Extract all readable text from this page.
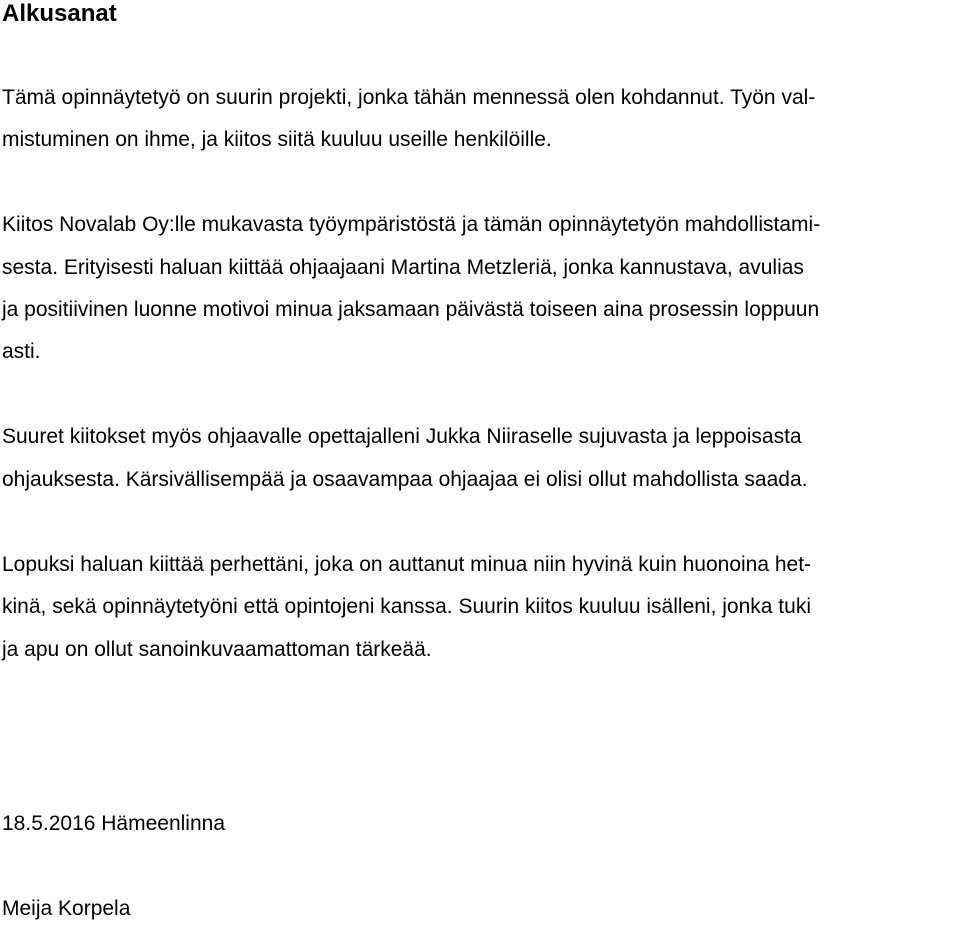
Alkusanat

Tämä opinnäytetyö on suurin projekti, jonka tähän mennessä olen kohdannut. Työn val-

mistuminen on ihme, ja kiitos siitä kuuluu useille henkilöille.

Kiitos Novalab Oy:lle mukavasta työympäristöstä ja tämän opinnäytetyön mahdollistami-

sesta. Erityisesti haluan kiittää ohjaajaani Martina Metzleriä, jonka kannustava, avulias

ja positiivinen luonne motivoi minua jaksamaan päivästä toiseen aina prosessin loppuun

asti.

Suuret kiitokset myös ohjaavalle opettajalleni Jukka Niiraselle sujuvasta ja leppoisasta

ohjauksesta. Kärsivällisempää ja osaavampaa ohjaajaa ei olisi ollut mahdollista saada.

Lopuksi haluan kiittää perhettäni, joka on auttanut minua niin hyvinä kuin huonoina het-

kinä, sekä opinnäytetyöni että opintojeni kanssa. Suurin kiitos kuuluu isälleni, jonka tuki

ja apu on ollut sanoinkuvaamattoman tärkeää.

18.5.2016 Hämeenlinna

Meija Korpela
